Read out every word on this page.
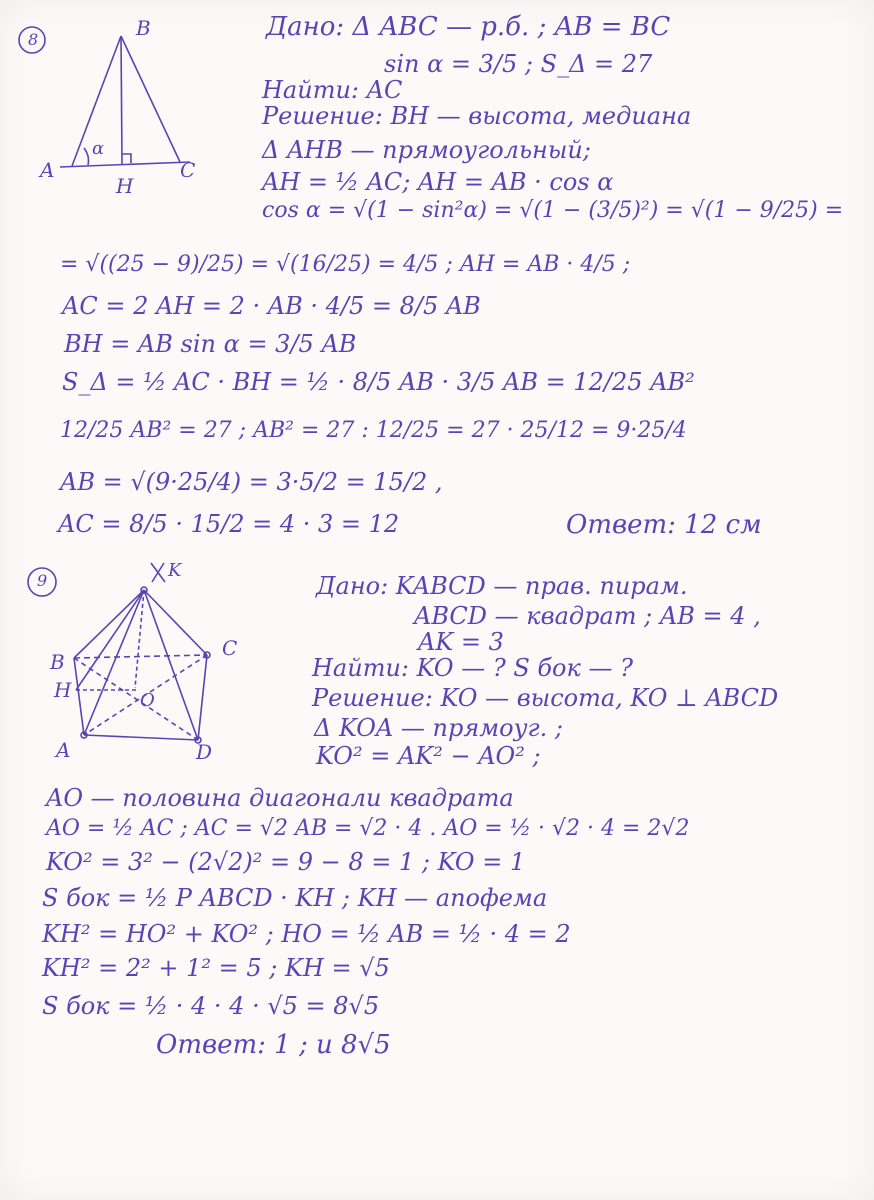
8	B
A	C
H
α
Дано: Δ ABC — р.б. ; AB = BC
sin α = 3/5 ; S_Δ = 27
Найти: AC
Решение: BH — высота, медиана
Δ AHB — прямоугольный;
AH = ½ AC; AH = AB · cos α
cos α = √(1 − sin²α) = √(1 − (3/5)²) = √(1 − 9/25) =
= √((25 − 9)/25) = √(16/25) = 4/5 ; AH = AB · 4/5 ;
AC = 2 AH = 2 · AB · 4/5 = 8/5 AB
BH = AB sin α = 3/5 AB
S_Δ = ½ AC · BH = ½ · 8/5 AB · 3/5 AB = 12/25 AB²
12/25 AB² = 27 ; AB² = 27 : 12/25 = 27 · 25/12 = 9·25/4
AB = √(9·25/4) = 3·5/2 = 15/2 ,
AC = 8/5 · 15/2 = 4 · 3 = 12	Ответ: 12 см
9	K
B
C
H	O
A	D
Дано: KABCD — прав. пирам.
ABCD — квадрат ; AB = 4 ,
AK = 3
Найти: KO — ? S бок — ?
Решение: KO — высота, KO ⊥ ABCD
Δ KOA — прямоуг. ;
KO² = AK² − AO² ;
AO — половина диагонали квадрата
AO = ½ AC ; AC = √2 AB = √2 · 4 . AO = ½ · √2 · 4 = 2√2
KO² = 3² − (2√2)² = 9 − 8 = 1 ; KO = 1
S бок = ½ P ABCD · KH ; KH — апофема
KH² = HO² + KO² ; HO = ½ AB = ½ · 4 = 2
KH² = 2² + 1² = 5 ; KH = √5
S бок = ½ · 4 · 4 · √5 = 8√5
Ответ: 1 ; и 8√5
